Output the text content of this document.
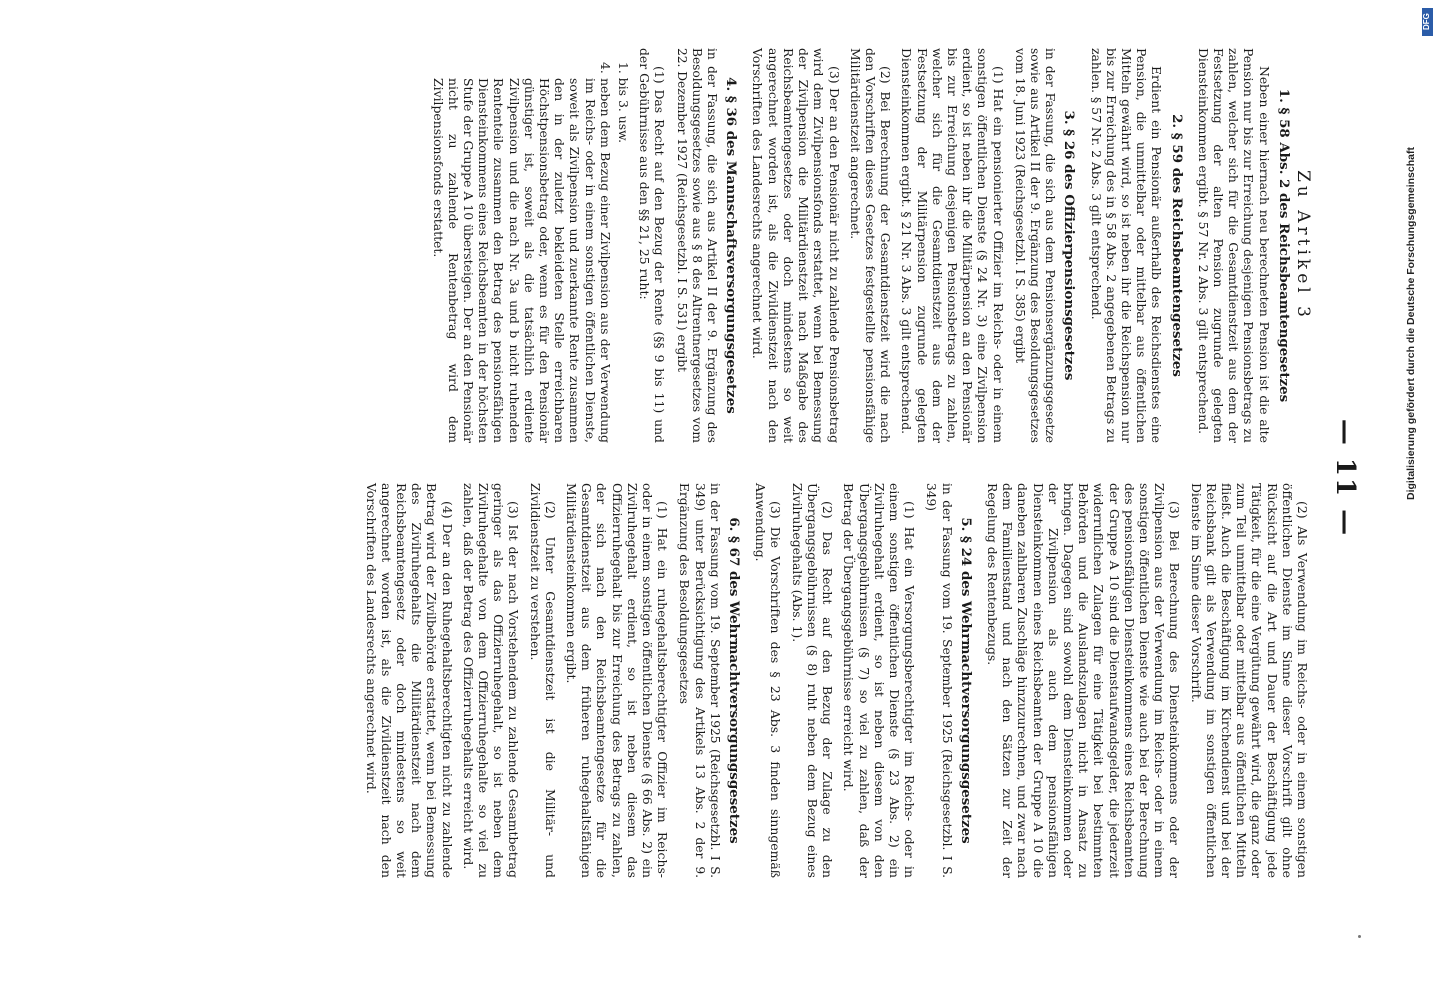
— 11 —
Zu Artikel 3
1. § 58 Abs. 2 des Reichsbeamtengesetzes

Neben einer hiernach neu berechneten Pension ist die alte Pension nur bis zur Erreichung desjenigen Pensionsbetrags zu zahlen, welcher sich für die Gesamtdienstzeit aus dem der Festsetzung der alten Pension zugrunde gelegten Diensteinkommen ergibt. § 57 Nr. 2 Abs. 3 gilt entsprechend.

2. § 59 des Reichsbeamtengesetzes

Erdient ein Pensionär außerhalb des Reichsdienstes eine Pension, die unmittelbar oder mittelbar aus öffentlichen Mitteln gewährt wird, so ist neben ihr die Reichspension nur bis zur Erreichung des in § 58 Abs. 2 angegebenen Betrags zu zahlen. § 57 Nr. 2 Abs. 3 gilt entsprechend.

3. § 26 des Offizierpensionsgesetzes
in der Fassung, die sich aus dem Pensionsergänzungsgesetze sowie aus Artikel II der 9. Ergänzung des Besoldungsgesetzes vom 18. Juni 1923 (Reichsgesetzbl. I S. 385) ergibt

(1) Hat ein pensionierter Offizier im Reichs- oder in einem sonstigen öffentlichen Dienste (§ 24 Nr. 3) eine Zivilpension erdient, so ist neben ihr die Militärpension an den Pensionär bis zur Erreichung desjenigen Pensionsbetrags zu zahlen, welcher sich für die Gesamtdienstzeit aus dem der Festsetzung der Militärpension zugrunde gelegten Diensteinkommen ergibt. § 21 Nr. 3 Abs. 3 gilt entsprechend.

(2) Bei Berechnung der Gesamtdienstzeit wird die nach den Vorschriften dieses Gesetzes festgestellte pensionsfähige Militärdienstzeit angerechnet.

(3) Der an den Pensionär nicht zu zahlende Pensionsbetrag wird dem Zivilpensionsfonds erstattet, wenn bei Bemessung der Zivilpension die Militärdienstzeit nach Maßgabe des Reichsbeamtengesetzes oder doch mindestens so weit angerechnet worden ist, als die Zivildienstzeit nach den Vorschriften des Landesrechts angerechnet wird.

4. § 36 des Mannschaftsversorgungsgesetzes
in der Fassung, die sich aus Artikel II der 9. Ergänzung des Besoldungsgesetzes sowie aus § 8 des Altrentnergesetzes vom 22. Dezember 1927 (Reichsgesetzbl. I S. 531) ergibt

(1) Das Recht auf den Bezug der Rente (§§ 9 bis 11) und der Gebührnisse aus den §§ 21, 25 ruht:

1. bis 3. usw.

4. neben dem Bezug einer Zivilpension aus der Verwendung im Reichs- oder in einem sonstigen öffentlichen Dienste, soweit als Zivilpension und zuerkannte Rente zusammen den in der zuletzt bekleideten Stelle erreichbaren Höchstpensionsbetrag oder, wenn es für den Pensionär günstiger ist, soweit als die tatsächlich erdiente Zivilpension und die nach Nr. 3a und b nicht ruhenden Rententeile zusammen den Betrag des pensionsfähigen Diensteinkommens eines Reichsbeamten in der höchsten Stufe der Gruppe A 10 übersteigen. Der an den Pensionär nicht zu zahlende Rentenbetrag wird dem Zivilpensionsfonds erstattet.

(2) Als Verwendung im Reichs- oder in einem sonstigen öffentlichen Dienste im Sinne dieser Vorschrift gilt ohne Rücksicht auf die Art und Dauer der Beschäftigung jede Tätigkeit, für die eine Vergütung gewährt wird, die ganz oder zum Teil unmittelbar oder mittelbar aus öffentlichen Mitteln fließt. Auch die Beschäftigung im Kirchendienst und bei der Reichsbank gilt als Verwendung im sonstigen öffentlichen Dienste im Sinne dieser Vorschrift.

(3) Bei Berechnung des Diensteinkommens oder der Zivilpension aus der Verwendung im Reichs- oder in einem sonstigen öffentlichen Dienste wie auch bei der Berechnung des pensionsfähigen Diensteinkommens eines Reichsbeamten der Gruppe A 10 sind die Dienstaufwandsgelder, die jederzeit widerruflichen Zulagen für eine Tätigkeit bei bestimmten Behörden und die Auslandszulagen nicht in Ansatz zu bringen. Dagegen sind sowohl dem Diensteinkommen oder der Zivilpension als auch dem pensionsfähigen Diensteinkommen eines Reichsbeamten der Gruppe A 10 die daneben zahlbaren Zuschläge hinzuzurechnen, und zwar nach dem Familienstand und nach den Sätzen zur Zeit der Regelung des Rentenbezugs.

5. § 24 des Wehrmachtversorgungsgesetzes
in der Fassung vom 19. September 1925 (Reichsgesetzbl. I S. 349)

(1) Hat ein Versorgungsberechtigter im Reichs- oder in einem sonstigen öffentlichen Dienste (§ 23 Abs. 2) ein Zivilruhegehalt erdient, so ist neben diesem von den Übergangsgebührnissen (§ 7) so viel zu zahlen, daß der Betrag der Übergangsgebührnisse erreicht wird.

(2) Das Recht auf den Bezug der Zulage zu den Übergangsgebührnissen (§ 8) ruht neben dem Bezug eines Zivilruhegehalts (Abs. 1).

(3) Die Vorschriften des § 23 Abs. 3 finden sinngemäß Anwendung.

6. § 67 des Wehrmachtversorgungsgesetzes
in der Fassung vom 19. September 1925 (Reichsgesetzbl. I S. 349) unter Berücksichtigung des Artikels 13 Abs. 2 der 9. Ergänzung des Besoldungsgesetzes

(1) Hat ein ruhegehaltsberechtigter Offizier im Reichs- oder in einem sonstigen öffentlichen Dienste (§ 66 Abs. 2) ein Zivilruhegehalt erdient, so ist neben diesem das Offizierruhegehalt bis zur Erreichung des Betrags zu zahlen, der sich nach den Reichsbeamtengesetze für die Gesamtdienstzeit aus dem früheren ruhegehaltsfähigen Militärdiensteinkommen ergibt.

(2) Unter Gesamtdienstzeit ist die Militär- und Zivildienstzeit zu verstehen.

(3) Ist der nach Vorstehendem zu zahlende Gesamtbetrag geringer als das Offizierruhegehalt, so ist neben dem Zivilruhegehalte von dem Offizierruhegehalte so viel zu zahlen, daß der Betrag des Offizierruhegehalts erreicht wird.

(4) Der an den Ruhegehaltsberechtigten nicht zu zahlende Betrag wird der Zivilbehörde erstattet, wenn bei Bemessung des Zivilruhegehalts die Militärdienstzeit nach dem Reichsbeamtengesetz oder doch mindestens so weit angerechnet worden ist, als die Zivildienstzeit nach den Vorschriften des Landesrechts angerechnet wird.

DFG
Digitalisierung gefördert durch die Deutsche Forschungsgemeinschaft
